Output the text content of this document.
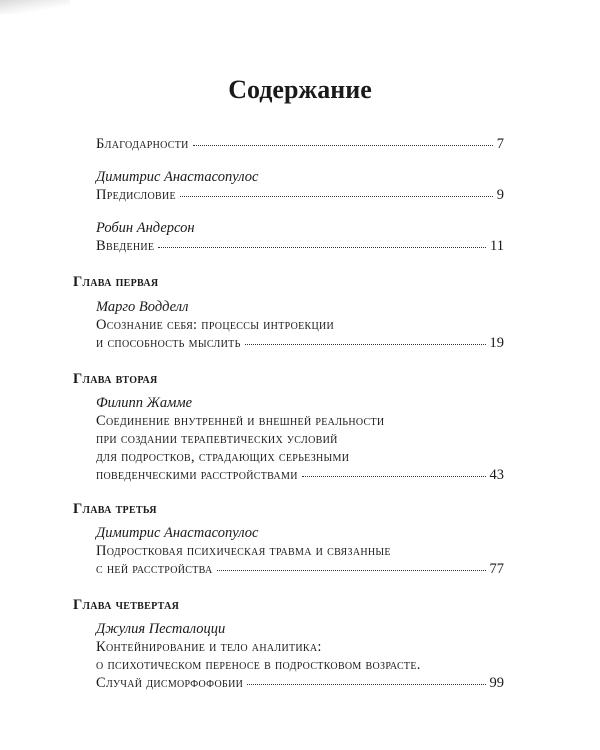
Содержание
Благодарности	7
Димитрис Анастасопулос
Предисловие	9
Робин Андерсон
Введение	11
Глава первая
Марго Водделл
Осознание себя: процессы интроекции
и способность мыслить	19
Глава вторая
Филипп Жамме
Соединение внутренней и внешней реальности
при создании терапевтических условий
для подростков, страдающих серьезными
поведенческими расстройствами	43
Глава третья
Димитрис Анастасопулос
Подростковая психическая травма и связанные
с ней расстройства	77
Глава четвертая
Джулия Песталоцци
Контейнирование и тело аналитика:
о психотическом переносе в подростковом возрасте.
Случай дисморфофобии	99
